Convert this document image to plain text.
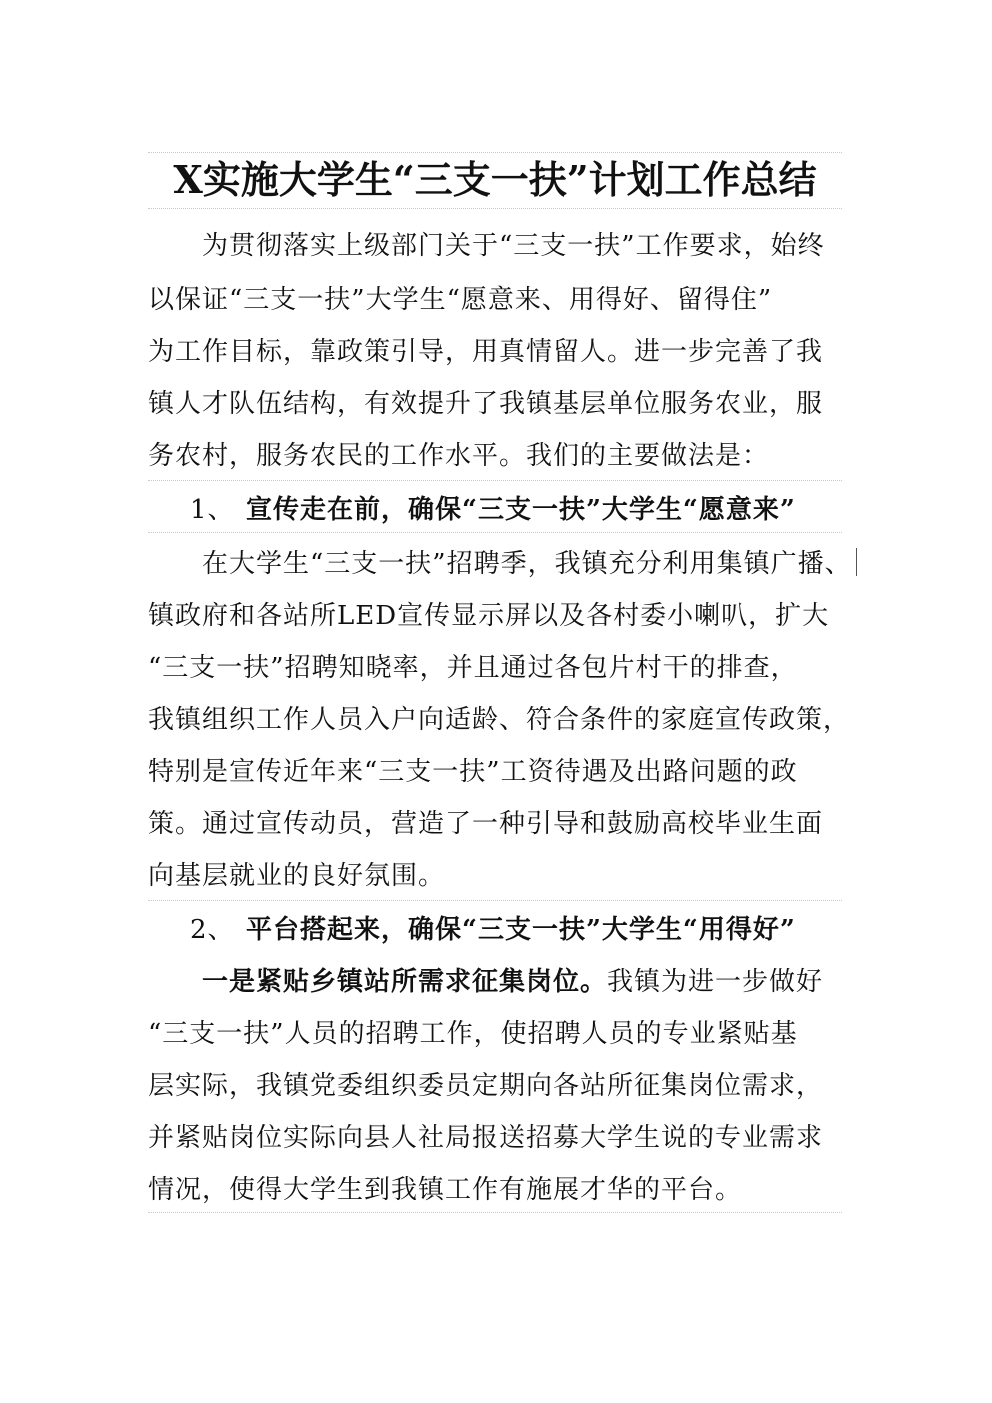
X实施大学生“三支一扶”计划工作总结
　　为贯彻落实上级部门关于“三支一扶”工作要求，始终
以保证“三支一扶”大学生“愿意来、用得好、留得住”
为工作目标，靠政策引导，用真情留人。进一步完善了我
镇人才队伍结构，有效提升了我镇基层单位服务农业，服
务农村，服务农民的工作水平。我们的主要做法是：
1、 宣传走在前，确保“三支一扶”大学生“愿意来”
　　在大学生“三支一扶”招聘季，我镇充分利用集镇广播、
镇政府和各站所LED宣传显示屏以及各村委小喇叭，扩大
“三支一扶”招聘知晓率，并且通过各包片村干的排查，
我镇组织工作人员入户向适龄、符合条件的家庭宣传政策，
特别是宣传近年来“三支一扶”工资待遇及出路问题的政
策。通过宣传动员，营造了一种引导和鼓励高校毕业生面
向基层就业的良好氛围。
2、 平台搭起来，确保“三支一扶”大学生“用得好”
　　一是紧贴乡镇站所需求征集岗位。我镇为进一步做好
“三支一扶”人员的招聘工作，使招聘人员的专业紧贴基
层实际，我镇党委组织委员定期向各站所征集岗位需求，
并紧贴岗位实际向县人社局报送招募大学生说的专业需求
情况，使得大学生到我镇工作有施展才华的平台。
